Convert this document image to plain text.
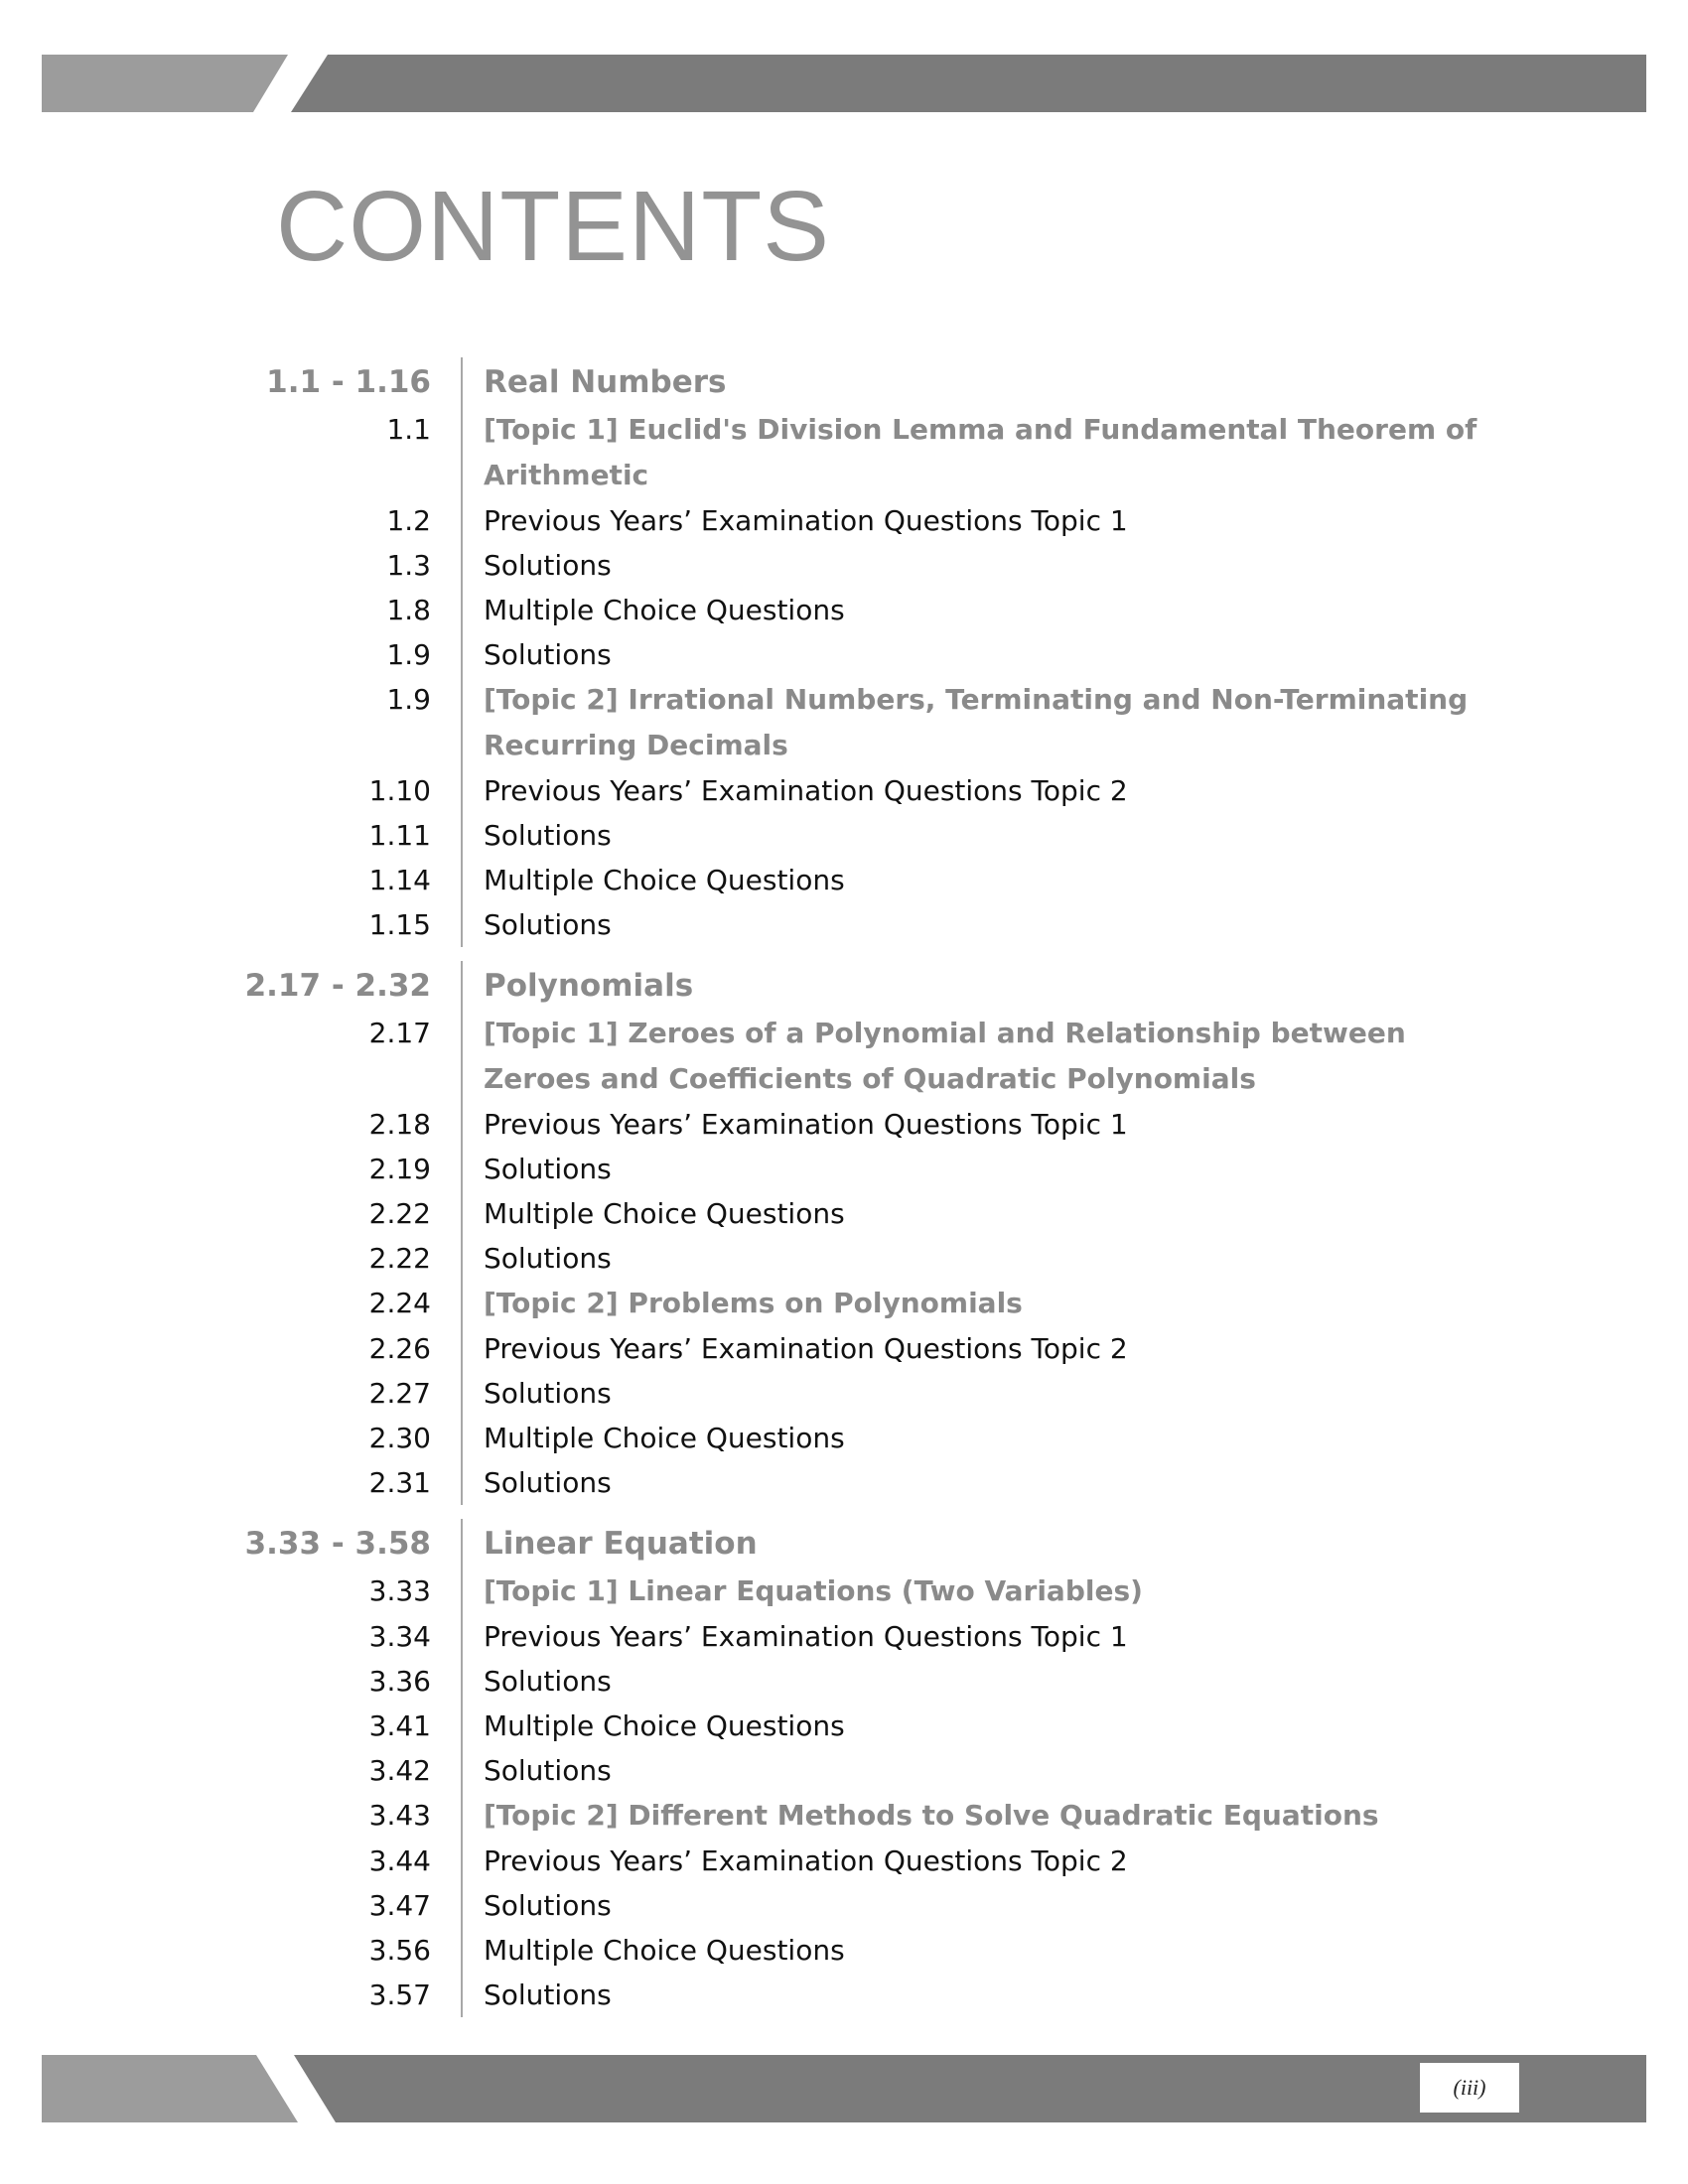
CONTENTS
1.1 - 1.16 Real Numbers
1.1 [Topic 1] Euclid's Division Lemma and Fundamental Theorem of Arithmetic
1.2 Previous Years’ Examination Questions Topic 1
1.3 Solutions
1.8 Multiple Choice Questions
1.9 Solutions
1.9 [Topic 2] Irrational Numbers, Terminating and Non-Terminating Recurring Decimals
1.10 Previous Years’ Examination Questions Topic 2
1.11 Solutions
1.14 Multiple Choice Questions
1.15 Solutions
2.17 - 2.32 Polynomials
2.17 [Topic 1] Zeroes of a Polynomial and Relationship between Zeroes and Coefficients of Quadratic Polynomials
2.18 Previous Years’ Examination Questions Topic 1
2.19 Solutions
2.22 Multiple Choice Questions
2.22 Solutions
2.24 [Topic 2] Problems on Polynomials
2.26 Previous Years’ Examination Questions Topic 2
2.27 Solutions
2.30 Multiple Choice Questions
2.31 Solutions
3.33 - 3.58 Linear Equation
3.33 [Topic 1] Linear Equations (Two Variables)
3.34 Previous Years’ Examination Questions Topic 1
3.36 Solutions
3.41 Multiple Choice Questions
3.42 Solutions
3.43 [Topic 2] Different Methods to Solve Quadratic Equations
3.44 Previous Years’ Examination Questions Topic 2
3.47 Solutions
3.56 Multiple Choice Questions
3.57 Solutions
(iii)
